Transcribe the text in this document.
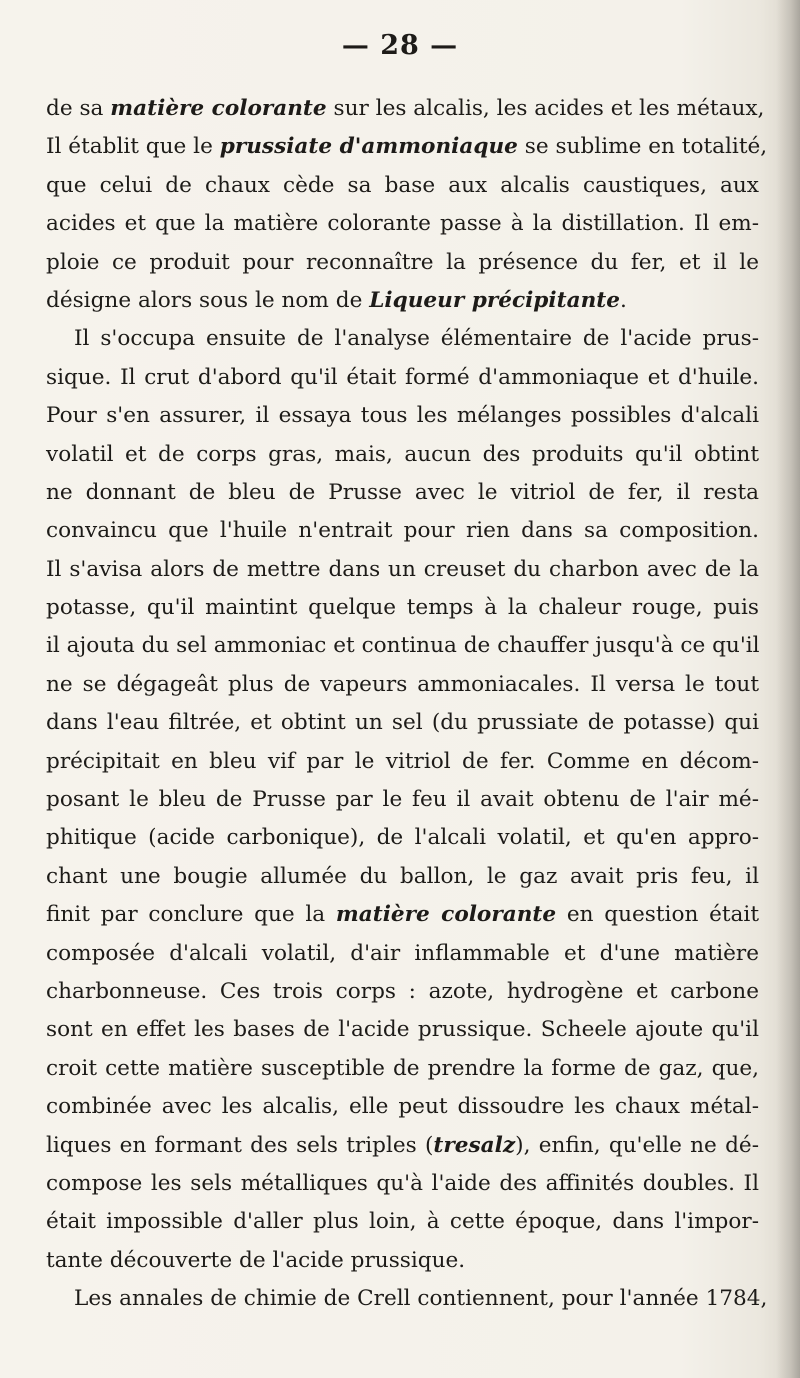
— 28 —
de sa matière colorante sur les alcalis, les acides et les métaux,
Il établit que le prussiate d'ammoniaque se sublime en totalité,
que celui de chaux cède sa base aux alcalis caustiques, aux
acides et que la matière colorante passe à la distillation. Il em-
ploie ce produit pour reconnaître la présence du fer, et il le
désigne alors sous le nom de Liqueur précipitante.
Il s'occupa ensuite de l'analyse élémentaire de l'acide prus-
sique. Il crut d'abord qu'il était formé d'ammoniaque et d'huile.
Pour s'en assurer, il essaya tous les mélanges possibles d'alcali
volatil et de corps gras, mais, aucun des produits qu'il obtint
ne donnant de bleu de Prusse avec le vitriol de fer, il resta
convaincu que l'huile n'entrait pour rien dans sa composition.
Il s'avisa alors de mettre dans un creuset du charbon avec de la
potasse, qu'il maintint quelque temps à la chaleur rouge, puis
il ajouta du sel ammoniac et continua de chauffer jusqu'à ce qu'il
ne se dégageât plus de vapeurs ammoniacales. Il versa le tout
dans l'eau filtrée, et obtint un sel (du prussiate de potasse) qui
précipitait en bleu vif par le vitriol de fer. Comme en décom-
posant le bleu de Prusse par le feu il avait obtenu de l'air mé-
phitique (acide carbonique), de l'alcali volatil, et qu'en appro-
chant une bougie allumée du ballon, le gaz avait pris feu, il
finit par conclure que la matière colorante en question était
composée d'alcali volatil, d'air inflammable et d'une matière
charbonneuse. Ces trois corps : azote, hydrogène et carbone
sont en effet les bases de l'acide prussique. Scheele ajoute qu'il
croit cette matière susceptible de prendre la forme de gaz, que,
combinée avec les alcalis, elle peut dissoudre les chaux métal-
liques en formant des sels triples (tresalz), enfin, qu'elle ne dé-
compose les sels métalliques qu'à l'aide des affinités doubles. Il
était impossible d'aller plus loin, à cette époque, dans l'impor-
tante découverte de l'acide prussique.
Les annales de chimie de Crell contiennent, pour l'année 1784,
